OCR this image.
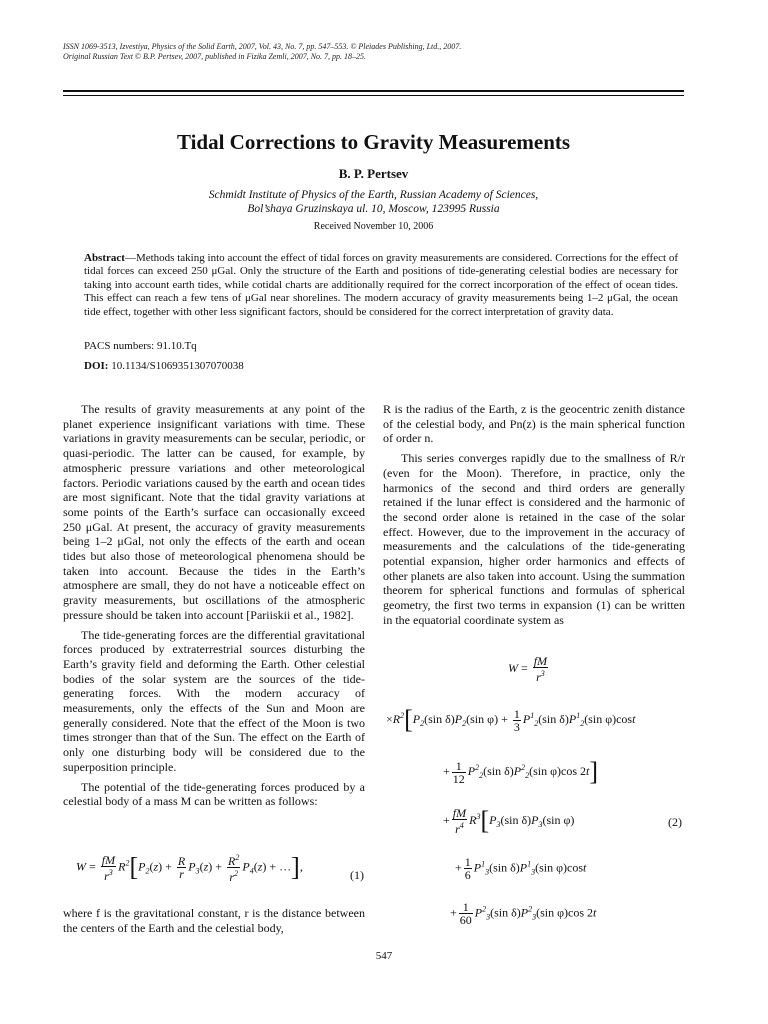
ISSN 1069-3513, Izvestiya, Physics of the Solid Earth, 2007, Vol. 43, No. 7, pp. 547–553. © Pleiades Publishing, Ltd., 2007.
Original Russian Text © B.P. Pertsev, 2007, published in Fizika Zemli, 2007, No. 7, pp. 18–25.
Tidal Corrections to Gravity Measurements
B. P. Pertsev
Schmidt Institute of Physics of the Earth, Russian Academy of Sciences,
Bol’shaya Gruzinskaya ul. 10, Moscow, 123995 Russia
Received November 10, 2006
Abstract—Methods taking into account the effect of tidal forces on gravity measurements are considered. Corrections for the effect of tidal forces can exceed 250 μGal. Only the structure of the Earth and positions of tide-generating celestial bodies are necessary for taking into account earth tides, while cotidal charts are additionally required for the correct incorporation of the effect of ocean tides. This effect can reach a few tens of μGal near shorelines. The modern accuracy of gravity measurements being 1–2 μGal, the ocean tide effect, together with other less significant factors, should be considered for the correct interpretation of gravity data.
PACS numbers: 91.10.Tq
DOI: 10.1134/S1069351307070038

The results of gravity measurements at any point of the planet experience insignificant variations with time. These variations in gravity measurements can be secular, periodic, or quasi-periodic. The latter can be caused, for example, by atmospheric pressure variations and other meteorological factors. Periodic variations caused by the earth and ocean tides are most significant. Note that the tidal gravity variations at some points of the Earth’s surface can occasionally exceed 250 μGal. At present, the accuracy of gravity measurements being 1–2 μGal, not only the effects of the earth and ocean tides but also those of meteorological phenomena should be taken into account. Because the tides in the Earth’s atmosphere are small, they do not have a noticeable effect on gravity measurements, but oscillations of the atmospheric pressure should be taken into account [Pariiskii et al., 1982].

The tide-generating forces are the differential gravitational forces produced by extraterrestrial sources disturbing the Earth’s gravity field and deforming the Earth. Other celestial bodies of the solar system are the sources of the tide-generating forces. With the modern accuracy of measurements, only the effects of the Sun and Moon are generally considered. Note that the effect of the Moon is two times stronger than that of the Sun. The effect on the Earth of only one disturbing body will be considered due to the superposition principle.

The potential of the tide-generating forces produced by a celestial body of a mass M can be written as follows:

$W = \frac{fM}{r^3} R^2[P_2(z) + \frac{R}{r} P_3(z) + \frac{R^2}{r^2} P_4(z)$ + …],
(1)

where f is the gravitational constant, r is the distance between the centers of the Earth and the celestial body,

R is the radius of the Earth, z is the geocentric zenith distance of the celestial body, and Pn(z) is the main spherical function of order n.

This series converges rapidly due to the smallness of R/r (even for the Moon). Therefore, in practice, only the harmonics of the second and third orders are generally retained if the lunar effect is considered and the harmonic of the second order alone is retained in the case of the solar effect. However, due to the improvement in the accuracy of measurements and the calculations of the tide-generating potential expansion, higher order harmonics and effects of other planets are also taken into account. Using the summation theorem for spherical functions and formulas of spherical geometry, the first two terms in expansion (1) can be written in the equatorial coordinate system as

$W = \frac{fM}{r^3}$
$\times R^2[P_2(\sin$ $\delta)P_2(\sin$ $\varphi) + \frac{1}{3} P^1_2(\sin$ $\delta)P^1_2(\sin$ φ)cost
+ $\frac{1}{12} P^2_2(\sin$ $\delta)P^2_2(\sin$ φ)cos 2t]
+ $\frac{fM}{r^4} R^3[P_3(\sin$ $\delta)P_3(\sin$ φ)	(2)
+ $\frac{1}{6} P^1_3(\sin$ $\delta)P^1_3(\sin$ φ)cost
+ $\frac{1}{60} P^2_3(\sin$ $\delta)P^2_3(\sin$ φ)cos 2t
547
